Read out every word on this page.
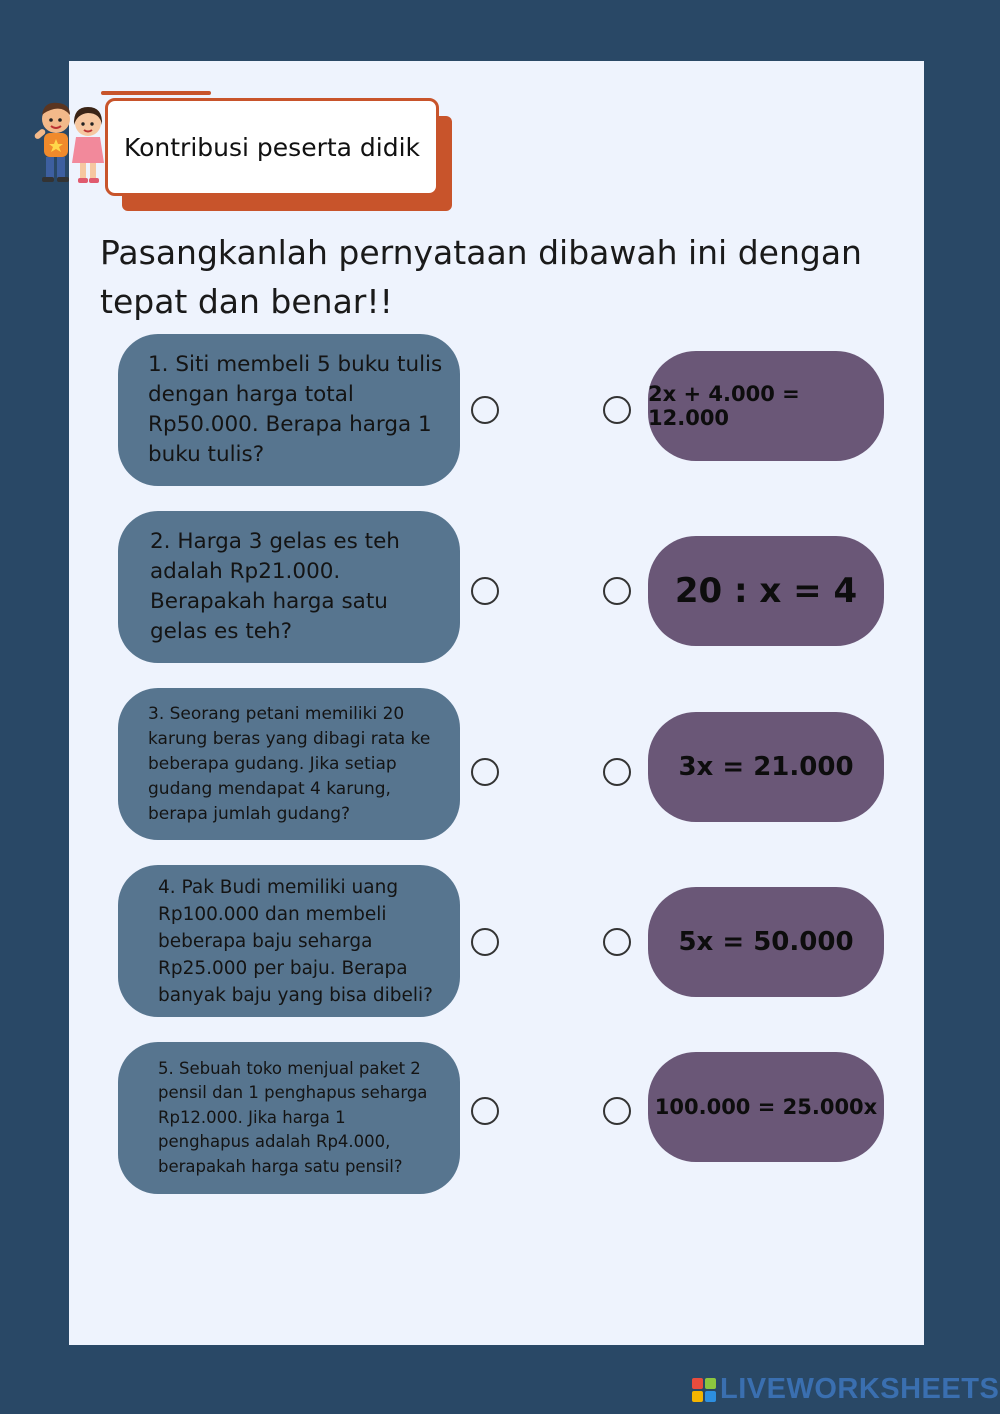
Kontribusi peserta didik
Pasangkanlah pernyataan dibawah ini dengan tepat dan benar!!
1. Siti membeli 5 buku tulis
dengan harga total
Rp50.000. Berapa harga 1
buku tulis?
2x + 4.000 = 12.000
2. Harga 3 gelas es teh
adalah Rp21.000.
Berapakah harga satu
gelas es teh?
20 : x = 4
3. Seorang petani memiliki 20
karung beras yang dibagi rata ke
beberapa gudang. Jika setiap
gudang mendapat 4 karung,
berapa jumlah gudang?
3x = 21.000
4. Pak Budi memiliki uang
Rp100.000 dan membeli
beberapa baju seharga
Rp25.000 per baju. Berapa
banyak baju yang bisa dibeli?
5x = 50.000
5. Sebuah toko menjual paket 2
pensil dan 1 penghapus seharga
Rp12.000. Jika harga 1
penghapus adalah Rp4.000,
berapakah harga satu pensil?
100.000 = 25.000x
LIVEWORKSHEETS
